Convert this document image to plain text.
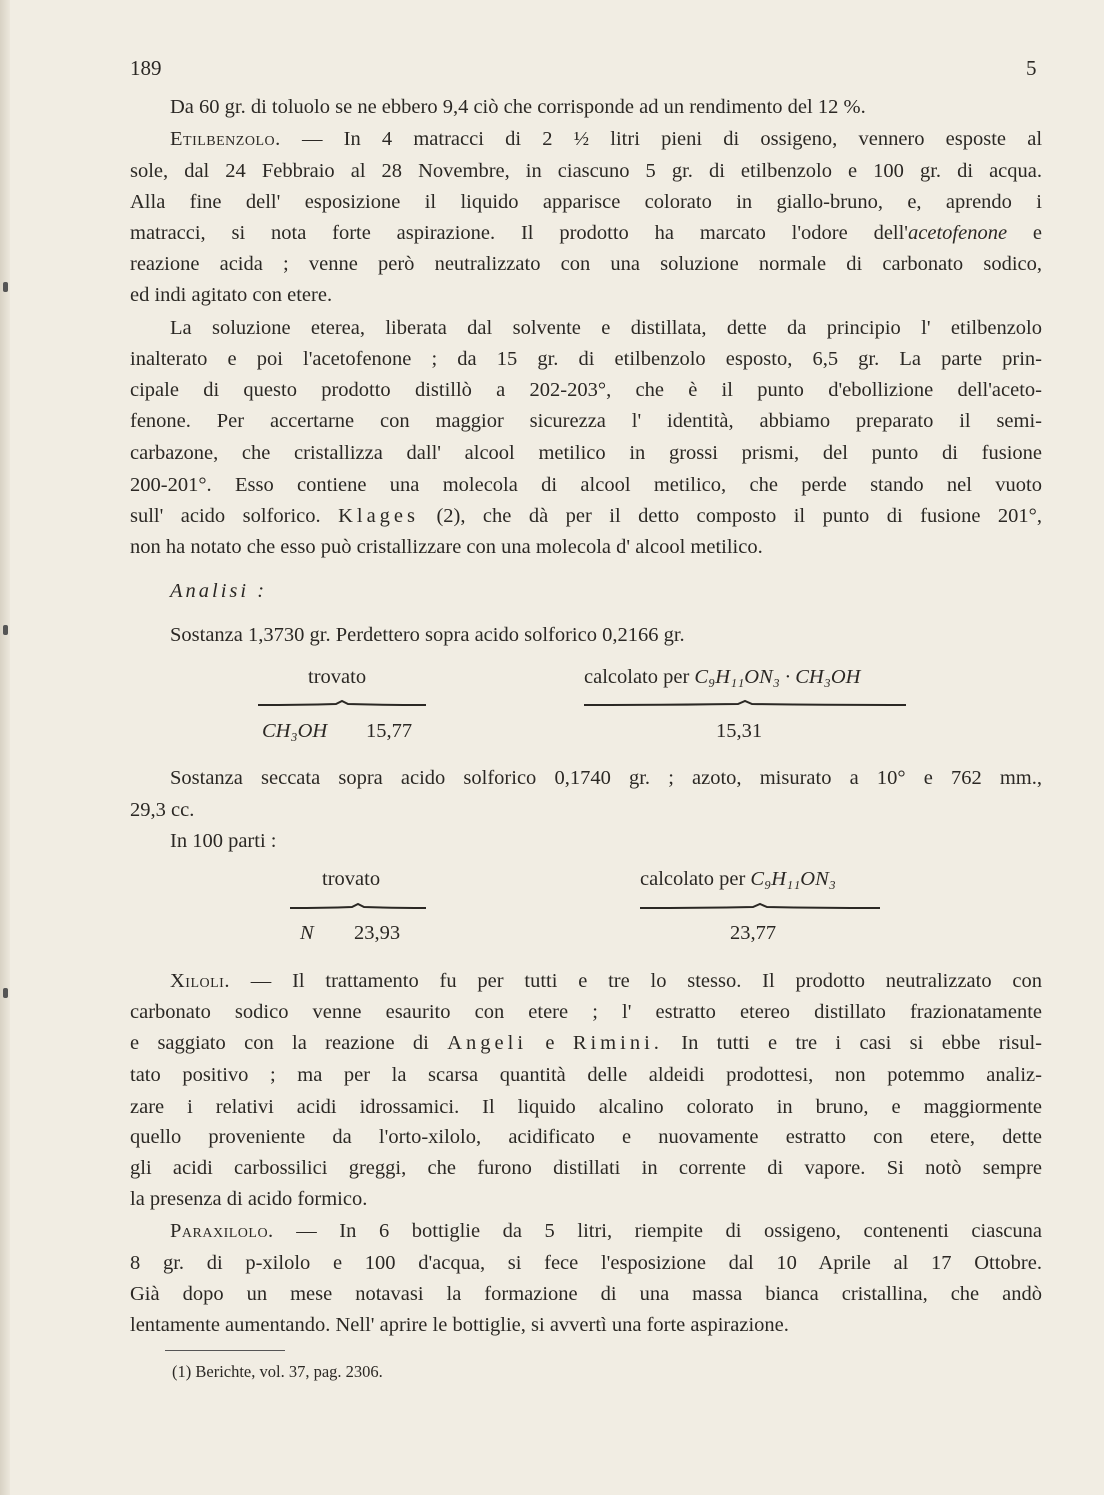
189	5

Da 60 gr. di toluolo se ne ebbero 9,4 ciò che corrisponde ad un rendimento del 12 %.

Etilbenzolo. — In 4 matracci di 2 ½ litri pieni di ossigeno, vennero esposte al

sole, dal 24 Febbraio al 28 Novembre, in ciascuno 5 gr. di etilbenzolo e 100 gr. di acqua.

Alla fine dell' esposizione il liquido apparisce colorato in giallo-bruno, e, aprendo i

matracci, si nota forte aspirazione. Il prodotto ha marcato l'odore dell'acetofenone e

reazione acida ; venne però neutralizzato con una soluzione normale di carbonato sodico,

ed indi agitato con etere.

La soluzione eterea, liberata dal solvente e distillata, dette da principio l' etilbenzolo

inalterato e poi l'acetofenone ; da 15 gr. di etilbenzolo esposto, 6,5 gr. La parte prin-

cipale di questo prodotto distillò a 202-203°, che è il punto d'ebollizione dell'aceto-

fenone. Per accertarne con maggior sicurezza l' identità, abbiamo preparato il semi-

carbazone, che cristallizza dall' alcool metilico in grossi prismi, del punto di fusione

200-201°. Esso contiene una molecola di alcool metilico, che perde stando nel vuoto

sull' acido solforico. Klages (2), che dà per il detto composto il punto di fusione 201°,

non ha notato che esso può cristallizzare con una molecola d' alcool metilico.

Analisi :

Sostanza 1,3730 gr. Perdettero sopra acido solforico 0,2166 gr.

trovato	calcolato per C₉H₁₁ON₃ · CH₃OH
CH₃OH 15,77	15,31

Sostanza seccata sopra acido solforico 0,1740 gr. ; azoto, misurato a 10° e 762 mm.,

29,3 cc.

In 100 parti :

trovato	calcolato per C₉H₁₁ON₃
N 23,93	23,77

Xiloli. — Il trattamento fu per tutti e tre lo stesso. Il prodotto neutralizzato con

carbonato sodico venne esaurito con etere ; l' estratto etereo distillato frazionatamente

e saggiato con la reazione di Angeli e Rimini. In tutti e tre i casi si ebbe risul-

tato positivo ; ma per la scarsa quantità delle aldeidi prodottesi, non potemmo analiz-

zare i relativi acidi idrossamici. Il liquido alcalino colorato in bruno, e maggiormente

quello proveniente da l'orto-xilolo, acidificato e nuovamente estratto con etere, dette

gli acidi carbossilici greggi, che furono distillati in corrente di vapore. Si notò sempre

la presenza di acido formico.

Paraxilolo. — In 6 bottiglie da 5 litri, riempite di ossigeno, contenenti ciascuna

8 gr. di p-xilolo e 100 d'acqua, si fece l'esposizione dal 10 Aprile al 17 Ottobre.

Già dopo un mese notavasi la formazione di una massa bianca cristallina, che andò

lentamente aumentando. Nell' aprire le bottiglie, si avvertì una forte aspirazione.

(1) Berichte, vol. 37, pag. 2306.
